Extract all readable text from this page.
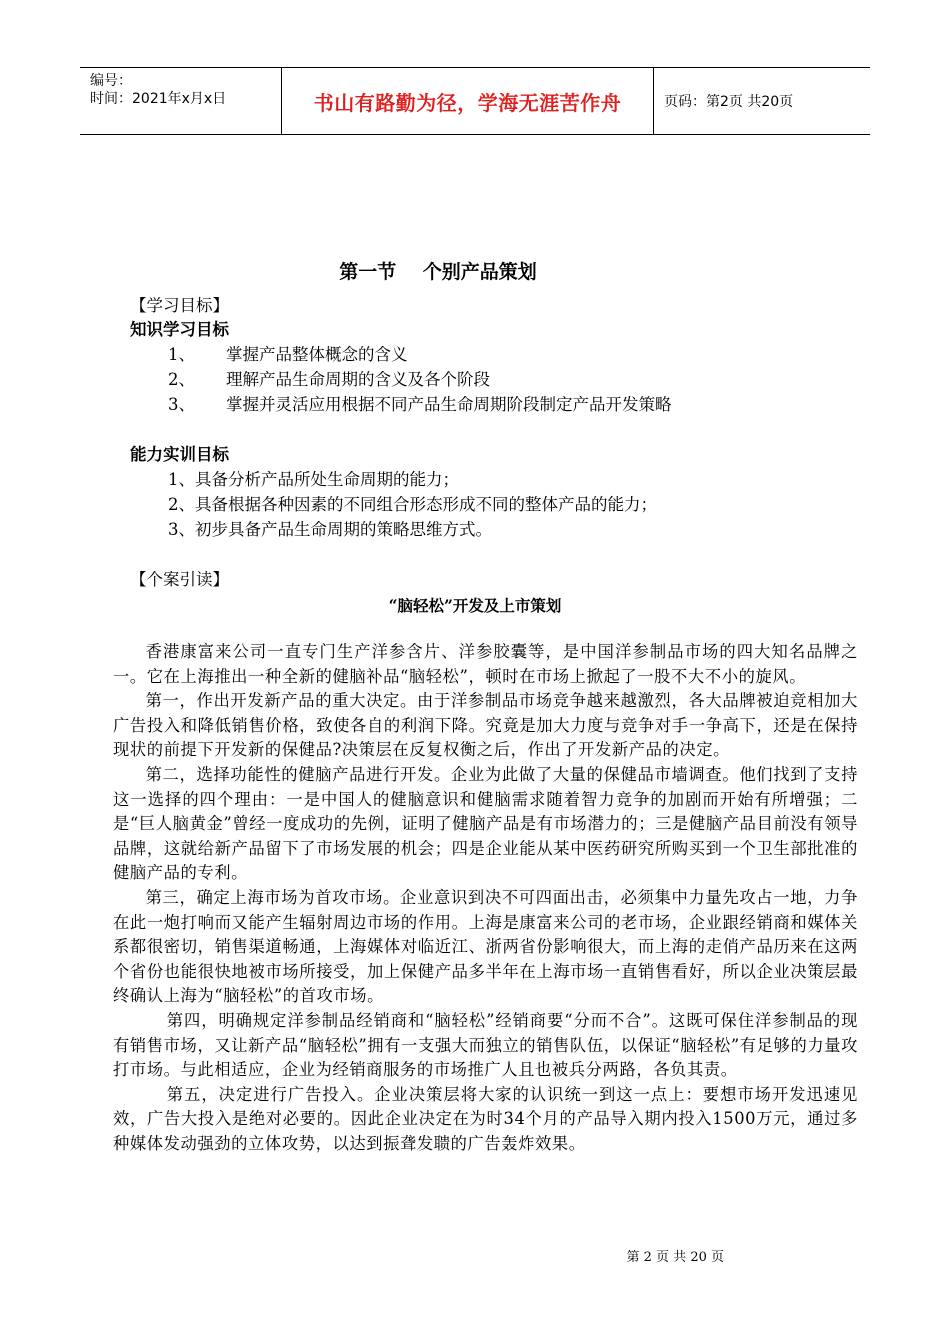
编号：
时间：2021年x月x日	书山有路勤为径，学海无涯苦作舟	页码：第2页 共20页
第一节    个别产品策划
【学习目标】
知识学习目标
1、 掌握产品整体概念的含义
2、 理解产品生命周期的含义及各个阶段
3、 掌握并灵活应用根据不同产品生命周期阶段制定产品开发策略
能力实训目标
1、具备分析产品所处生命周期的能力；
2、具备根据各种因素的不同组合形态形成不同的整体产品的能力；
3、初步具备产品生命周期的策略思维方式。
【个案引读】
“脑轻松”开发及上市策划

香港康富来公司一直专门生产洋参含片、洋参胶囊等，是中国洋参制品市场的四大知名品牌之一。它在上海推出一种全新的健脑补品“脑轻松”，顿时在市场上掀起了一股不大不小的旋风。

第一，作出开发新产品的重大决定。由于洋参制品市场竞争越来越激烈，各大品牌被迫竞相加大广告投入和降低销售价格，致使各自的利润下降。究竟是加大力度与竞争对手一争高下，还是在保持现状的前提下开发新的保健品?决策层在反复权衡之后，作出了开发新产品的决定。

第二，选择功能性的健脑产品进行开发。企业为此做了大量的保健品市墙调查。他们找到了支持这一选择的四个理由：一是中国人的健脑意识和健脑需求随着智力竞争的加剧而开始有所增强；二是“巨人脑黄金”曾经一度成功的先例，证明了健脑产品是有市场潜力的；三是健脑产品目前没有领导品牌，这就给新产品留下了市场发展的机会；四是企业能从某中医药研究所购买到一个卫生部批准的健脑产品的专利。

第三，确定上海市场为首攻市场。企业意识到决不可四面出击，必须集中力量先攻占一地，力争在此一炮打响而又能产生辐射周边市场的作用。上海是康富来公司的老市场，企业跟经销商和媒体关系都很密切，销售渠道畅通，上海媒体对临近江、浙两省份影响很大，而上海的走俏产品历来在这两个省份也能很快地被市场所接受，加上保健产品多半年在上海市场一直销售看好，所以企业决策层最终确认上海为“脑轻松”的首攻市场。

第四，明确规定洋参制品经销商和“脑轻松”经销商要“分而不合”。这既可保住洋参制品的现有销售市场，又让新产品“脑轻松”拥有一支强大而独立的销售队伍，以保证“脑轻松”有足够的力量攻打市场。与此相适应，企业为经销商服务的市场推广人且也被兵分两路，各负其责。

第五，决定进行广告投入。企业决策层将大家的认识统一到这一点上：要想市场开发迅速见效，广告大投入是绝对必要的。因此企业决定在为时34个月的产品导入期内投入1500万元，通过多种媒体发动强劲的立体攻势，以达到振聋发聩的广告轰炸效果。

第 2 页 共 20 页
